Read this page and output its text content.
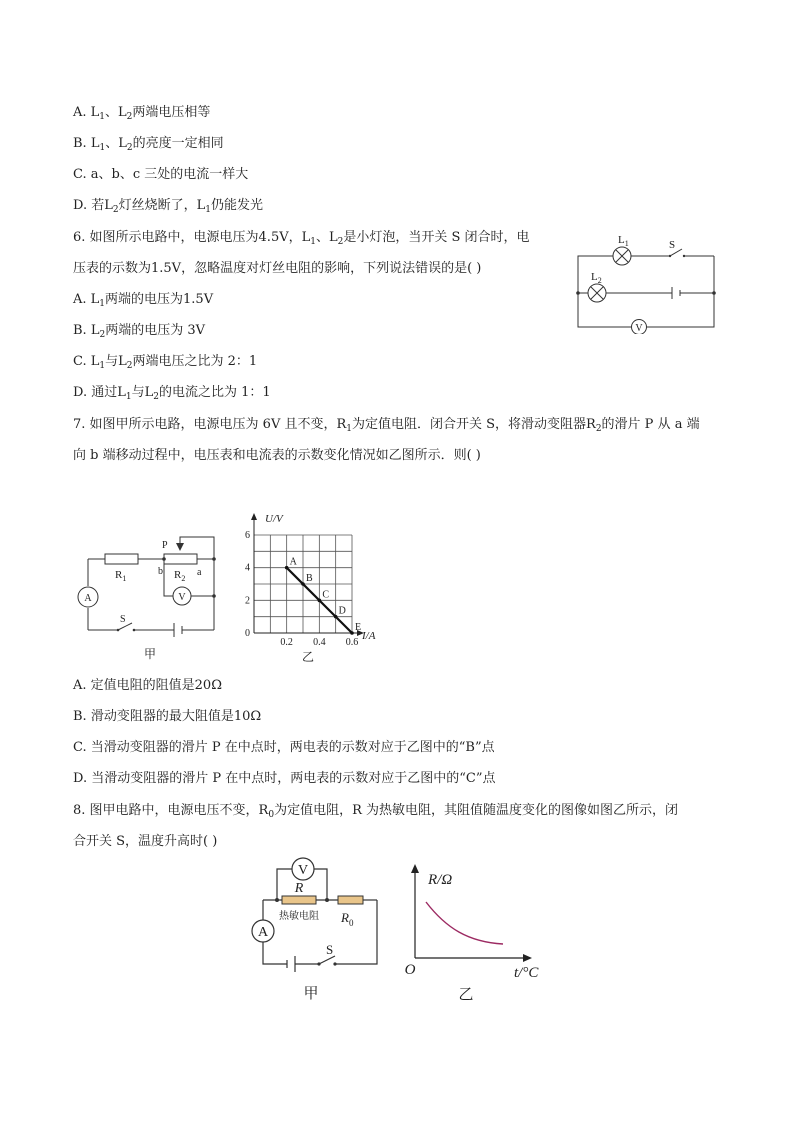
A. $L_1$、$L_2$两端电压相等
B. $L_1$、$L_2$的亮度一定相同
C. a、b、c 三处的电流一样大
D. 若$L_2$灯丝烧断了，$L_1$仍能发光
6. 如图所示电路中，电源电压为4.5V，$L_1$、$L_2$是小灯泡，当开关 S 闭合时，电
压表的示数为1.5V，忽略温度对灯丝电阻的影响，下列说法错误的是( )
A. $L_1$两端的电压为1.5V
B. $L_2$两端的电压为 3V
C. $L_1$与$L_2$两端电压之比为 2：1
D. 通过$L_1$与$L_2$的电流之比为 1：1
V
$L_1$
$L_2$
S
7. 如图甲所示电路，电源电压为 6V 且不变，$R_1$为定值电阻．闭合开关 S，将滑动变阻器$R_2$的滑片 P 从 a 端
向 b 端移动过程中，电压表和电流表的示数变化情况如乙图所示．则( )
A	V
$R_1$	$R_2$
b	a
P
S
甲
A
B
C
D
E
0.2 0.4 0.6
2
4
6
U/V
I/A
0
乙
A. 定值电阻的阻值是20Ω
B. 滑动变阻器的最大阻值是10Ω
C. 当滑动变阻器的滑片 P 在中点时，两电表的示数对应于乙图中的“B”点
D. 当滑动变阻器的滑片 P 在中点时，两电表的示数对应于乙图中的“C”点
8. 图甲电路中，电源电压不变，$R_0$为定值电阻，R 为热敏电阻，其阻值随温度变化的图像如图乙所示，闭
合开关 S，温度升高时( )
V
A
R
热敏电阻 $R_0$
S
甲
R/Ω
t/°C
O
乙
